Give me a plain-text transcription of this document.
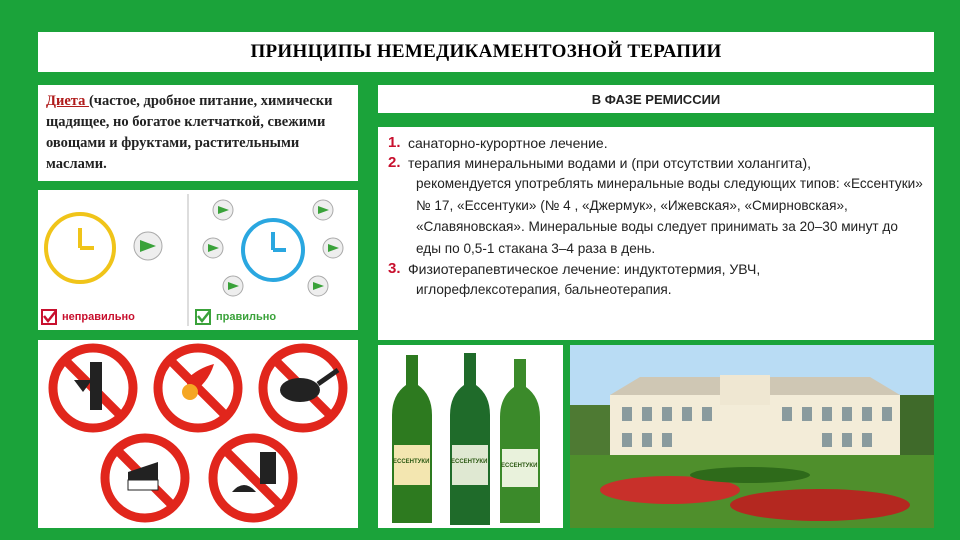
ПРИНЦИПЫ НЕМЕДИКАМЕНТОЗНОЙ ТЕРАПИИ
Диета (частое, дробное питание, химически щадящее, но богатое клетчаткой, свежими овощами и фруктами, растительными маслами.
В ФАЗЕ РЕМИССИИ
1. санаторно-курортное лечение.
2. терапия минеральными водами и (при отсутствии холангита),
рекомендуется употреблять минеральные воды следующих типов: «Ессентуки» № 17, «Ессентуки» (№ 4 , «Джермук», «Ижевская», «Смирновская», «Славяновская». Минеральные воды следует принимать за 20–30 минут до еды по 0,5-1 стакана 3–4 раза в день.
3. Физиотерапевтическое лечение: индуктотермия, УВЧ,
иглорефлексотерапия, бальнеотерапия.
неправильно	правильно
ЕССЕНТУКИ	ЕССЕНТУКИ
ЕССЕНТУКИ
